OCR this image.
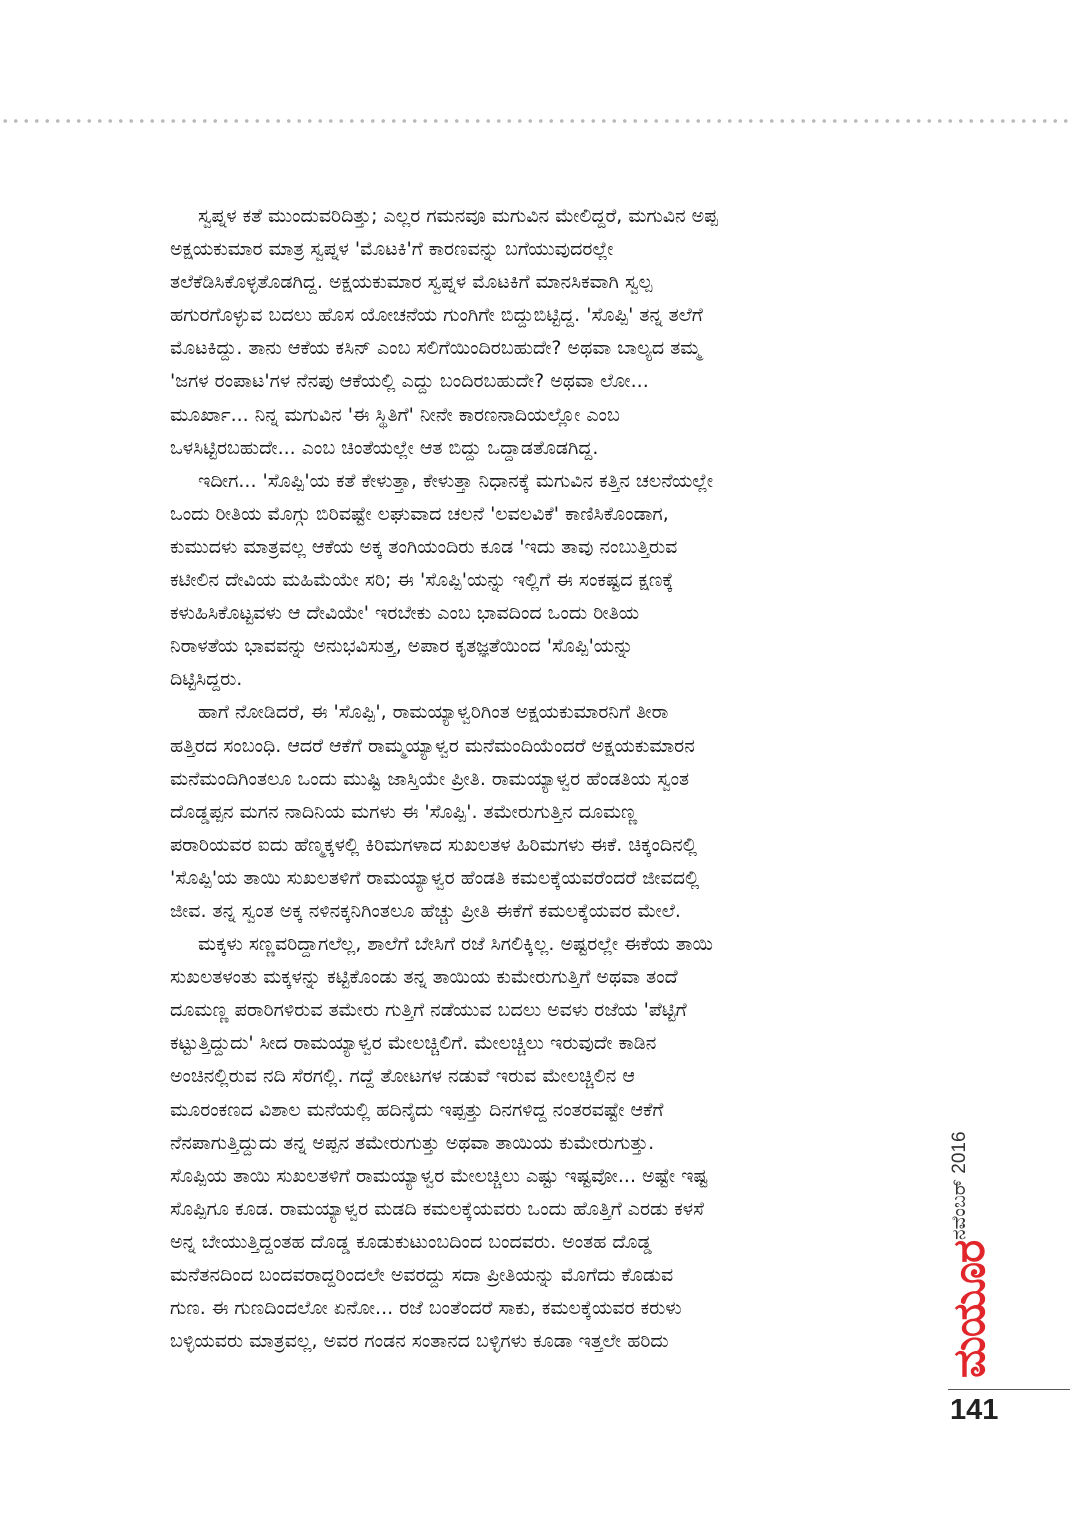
ಸ್ವಪ್ನಳ ಕತೆ ಮುಂದುವರಿದಿತ್ತು; ಎಲ್ಲರ ಗಮನವೂ ಮಗುವಿನ ಮೇಲಿದ್ದರೆ, ಮಗುವಿನ ಅಪ್ಪ
ಅಕ್ಷಯಕುಮಾರ ಮಾತ್ರ ಸ್ವಪ್ನಳ 'ಮೊಟಕಿ'ಗೆ ಕಾರಣವನ್ನು ಬಗೆಯುವುದರಲ್ಲೇ
ತಲೆಕೆಡಿಸಿಕೊಳ್ಳತೊಡಗಿದ್ದ. ಅಕ್ಷಯಕುಮಾರ ಸ್ವಪ್ನಳ ಮೊಟಕಿಗೆ ಮಾನಸಿಕವಾಗಿ ಸ್ವಲ್ಪ
ಹಗುರಗೊಳ್ಳುವ ಬದಲು ಹೊಸ ಯೋಚನೆಯ ಗುಂಗಿಗೇ ಬಿದ್ದುಬಿಟ್ಟಿದ್ದ. 'ಸೊಪ್ಪಿ' ತನ್ನ ತಲೆಗೆ
ಮೊಟಕಿದ್ದು. ತಾನು ಆಕೆಯ ಕಸಿನ್ ಎಂಬ ಸಲಿಗೆಯಿಂದಿರಬಹುದೇ? ಅಥವಾ ಬಾಲ್ಯದ ತಮ್ಮ
'ಜಗಳ ರಂಪಾಟ'ಗಳ ನೆನಪು ಆಕೆಯಲ್ಲಿ ಎದ್ದು ಬಂದಿರಬಹುದೇ? ಅಥವಾ ಲೋ...
ಮೂರ್ಖಾ... ನಿನ್ನ ಮಗುವಿನ 'ಈ ಸ್ಥಿತಿಗೆ' ನೀನೇ ಕಾರಣನಾದಿಯಲ್ಲೋ ಎಂಬ
ಒಳಸಿಟ್ಟಿರಬಹುದೇ... ಎಂಬ ಚಿಂತೆಯಲ್ಲೇ ಆತ ಬಿದ್ದು ಒದ್ದಾಡತೊಡಗಿದ್ದ.
ಇದೀಗ... 'ಸೊಪ್ಪಿ'ಯ ಕತೆ ಕೇಳುತ್ತಾ, ಕೇಳುತ್ತಾ ನಿಧಾನಕ್ಕೆ ಮಗುವಿನ ಕತ್ತಿನ ಚಲನೆಯಲ್ಲೇ
ಒಂದು ರೀತಿಯ ಮೊಗ್ಗು ಬಿರಿವಷ್ಟೇ ಲಘುವಾದ ಚಲನೆ 'ಲವಲವಿಕೆ' ಕಾಣಿಸಿಕೊಂಡಾಗ,
ಕುಮುದಳು ಮಾತ್ರವಲ್ಲ ಆಕೆಯ ಅಕ್ಕ ತಂಗಿಯಂದಿರು ಕೂಡ 'ಇದು ತಾವು ನಂಬುತ್ತಿರುವ
ಕಟೀಲಿನ ದೇವಿಯ ಮಹಿಮೆಯೇ ಸರಿ; ಈ 'ಸೊಪ್ಪಿ'ಯನ್ನು ಇಲ್ಲಿಗೆ ಈ ಸಂಕಷ್ಟದ ಕ್ಷಣಕ್ಕೆ
ಕಳುಹಿಸಿಕೊಟ್ಟವಳು ಆ ದೇವಿಯೇ' ಇರಬೇಕು ಎಂಬ ಭಾವದಿಂದ ಒಂದು ರೀತಿಯ
ನಿರಾಳತೆಯ ಭಾವವನ್ನು ಅನುಭವಿಸುತ್ತ, ಅಪಾರ ಕೃತಜ್ಞತೆಯಿಂದ 'ಸೊಪ್ಪಿ'ಯನ್ನು
ದಿಟ್ಟಿಸಿದ್ದರು.
ಹಾಗೆ ನೋಡಿದರೆ, ಈ 'ಸೊಪ್ಪಿ', ರಾಮಯ್ಯಾಳ್ವರಿಗಿಂತ ಅಕ್ಷಯಕುಮಾರನಿಗೆ ತೀರಾ
ಹತ್ತಿರದ ಸಂಬಂಧಿ. ಆದರೆ ಆಕೆಗೆ ರಾಮ್ಮಯ್ಯಾಳ್ವರ ಮನೆಮಂದಿಯೆಂದರೆ ಅಕ್ಷಯಕುಮಾರನ
ಮನೆಮಂದಿಗಿಂತಲೂ ಒಂದು ಮುಷ್ಟಿ ಜಾಸ್ತಿಯೇ ಪ್ರೀತಿ. ರಾಮಯ್ಯಾಳ್ವರ ಹೆಂಡತಿಯ ಸ್ವಂತ
ದೊಡ್ಡಪ್ಪನ ಮಗನ ನಾದಿನಿಯ ಮಗಳು ಈ 'ಸೊಪ್ಪಿ'. ತಮೇರುಗುತ್ತಿನ ದೂಮಣ್ಣ
ಪರಾರಿಯವರ ಐದು ಹೆಣ್ಮಕ್ಕಳಲ್ಲಿ ಕಿರಿಮಗಳಾದ ಸುಖಲತಳ ಹಿರಿಮಗಳು ಈಕೆ. ಚಿಕ್ಕಂದಿನಲ್ಲಿ
'ಸೊಪ್ಪಿ'ಯ ತಾಯಿ ಸುಖಲತಳಿಗೆ ರಾಮಯ್ಯಾಳ್ವರ ಹೆಂಡತಿ ಕಮಲಕ್ಕೆಯವರೆಂದರೆ ಜೀವದಲ್ಲಿ
ಜೀವ. ತನ್ನ ಸ್ವಂತ ಅಕ್ಕ ನಳಿನಕ್ಕನಿಗಿಂತಲೂ ಹೆಚ್ಚು ಪ್ರೀತಿ ಈಕೆಗೆ ಕಮಲಕ್ಕೆಯವರ ಮೇಲೆ.
ಮಕ್ಕಳು ಸಣ್ಣವರಿದ್ದಾಗಲೆಲ್ಲ, ಶಾಲೆಗೆ ಬೇಸಿಗೆ ರಜೆ ಸಿಗಲಿಕ್ಕಿಲ್ಲ. ಅಷ್ಟರಲ್ಲೇ ಈಕೆಯ ತಾಯಿ
ಸುಖಲತಳಂತು ಮಕ್ಕಳನ್ನು ಕಟ್ಟಿಕೊಂಡು ತನ್ನ ತಾಯಿಯ ಕುಮೇರುಗುತ್ತಿಗೆ ಅಥವಾ ತಂದೆ
ದೂಮಣ್ಣ ಪರಾರಿಗಳಿರುವ ತಮೇರು ಗುತ್ತಿಗೆ ನಡೆಯುವ ಬದಲು ಅವಳು ರಜೆಯ 'ಪೆಟ್ಟಿಗೆ
ಕಟ್ಟುತ್ತಿದ್ದುದು' ಸೀದ ರಾಮಯ್ಯಾಳ್ವರ ಮೇಲಚ್ಚಿಲಿಗೆ. ಮೇಲಚ್ಚಿಲು ಇರುವುದೇ ಕಾಡಿನ
ಅಂಚಿನಲ್ಲಿರುವ ನದಿ ಸೆರಗಲ್ಲಿ. ಗದ್ದೆ ತೋಟಗಳ ನಡುವೆ ಇರುವ ಮೇಲಚ್ಚಿಲಿನ ಆ
ಮೂರಂಕಣದ ವಿಶಾಲ ಮನೆಯಲ್ಲಿ ಹದಿನೈದು ಇಪ್ಪತ್ತು ದಿನಗಳಿದ್ದ ನಂತರವಷ್ಟೇ ಆಕೆಗೆ
ನೆನಪಾಗುತ್ತಿದ್ದುದು ತನ್ನ ಅಪ್ಪನ ತಮೇರುಗುತ್ತು ಅಥವಾ ತಾಯಿಯ ಕುಮೇರುಗುತ್ತು.
ಸೊಪ್ಪಿಯ ತಾಯಿ ಸುಖಲತಳಿಗೆ ರಾಮಯ್ಯಾಳ್ವರ ಮೇಲಚ್ಚಿಲು ಎಷ್ಟು ಇಷ್ಟವೋ... ಅಷ್ಟೇ ಇಷ್ಟ
ಸೊಪ್ಪಿಗೂ ಕೂಡ. ರಾಮಯ್ಯಾಳ್ವರ ಮಡದಿ ಕಮಲಕ್ಕೆಯವರು ಒಂದು ಹೊತ್ತಿಗೆ ಎರಡು ಕಳಸೆ
ಅನ್ನ ಬೇಯುತ್ತಿದ್ದಂತಹ ದೊಡ್ಡ ಕೂಡುಕುಟುಂಬದಿಂದ ಬಂದವರು. ಅಂತಹ ದೊಡ್ಡ
ಮನೆತನದಿಂದ ಬಂದವರಾದ್ದರಿಂದಲೇ ಅವರದ್ದು ಸದಾ ಪ್ರೀತಿಯನ್ನು ಮೊಗೆದು ಕೊಡುವ
ಗುಣ. ಈ ಗುಣದಿಂದಲೋ ಏನೋ... ರಜೆ ಬಂತೆಂದರೆ ಸಾಕು, ಕಮಲಕ್ಕೆಯವರ ಕರುಳು
ಬಳ್ಳಿಯವರು ಮಾತ್ರವಲ್ಲ, ಅವರ ಗಂಡನ ಸಂತಾನದ ಬಳ್ಳಿಗಳು ಕೂಡಾ ಇತ್ತಲೇ ಹರಿದು
ನವೆಂಬರ್ 2016
ಮಯೂರ
141
